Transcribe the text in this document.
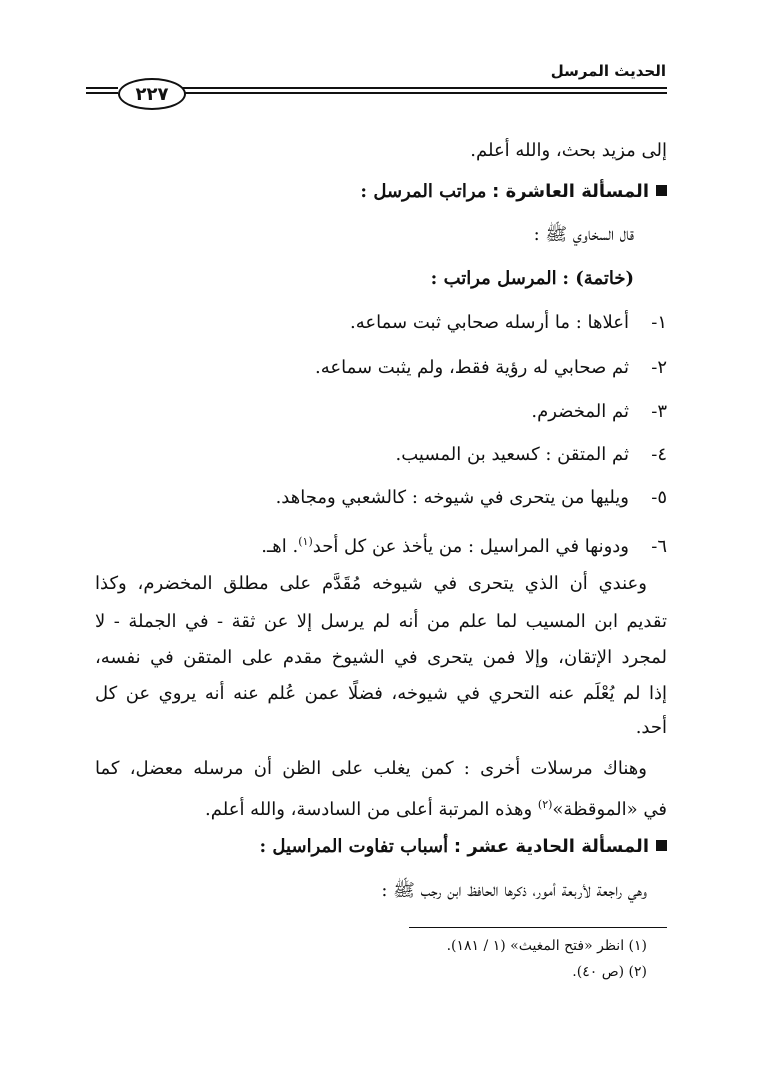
الحديث المرسل
٢٢٧
إلى مزيد بحث، والله أعلم.
المسألة العاشرة : مراتب المرسل :
قال السخاوي ﷺ :
(خاتمة) : المرسل مراتب :
١-أعلاها : ما أرسله صحابي ثبت سماعه.
٢-ثم صحابي له رؤية فقط، ولم يثبت سماعه.
٣-ثم المخضرم.
٤-ثم المتقن : كسعيد بن المسيب.
٥-ويليها من يتحرى في شيوخه : كالشعبي ومجاهد.
٦-ودونها في المراسيل : من يأخذ عن كل أحد$^{(١)}$. اهـ.
وعندي أن الذي يتحرى في شيوخه مُقَدَّم على مطلق المخضرم، وكذا
تقديم ابن المسيب لما علم من أنه لم يرسل إلا عن ثقة - في الجملة - لا
لمجرد الإتقان، وإلا فمن يتحرى في الشيوخ مقدم على المتقن في نفسه،
إذا لم يُعْلَم عنه التحري في شيوخه، فضلًا عمن عُلم عنه أنه يروي عن كل
أحد.
وهناك مرسلات أخرى : كمن يغلب على الظن أن مرسله معضل، كما
في «الموقظة»$^{(٢)}$ وهذه المرتبة أعلى من السادسة، والله أعلم.
المسألة الحادية عشر : أسباب تفاوت المراسيل :
وهي راجعة لأربعة أمور، ذكرها الحافظ ابن رجب ﷺ :
(١) انظر «فتح المغيث» (١ / ١٨١).
(٢) (ص ٤٠).
